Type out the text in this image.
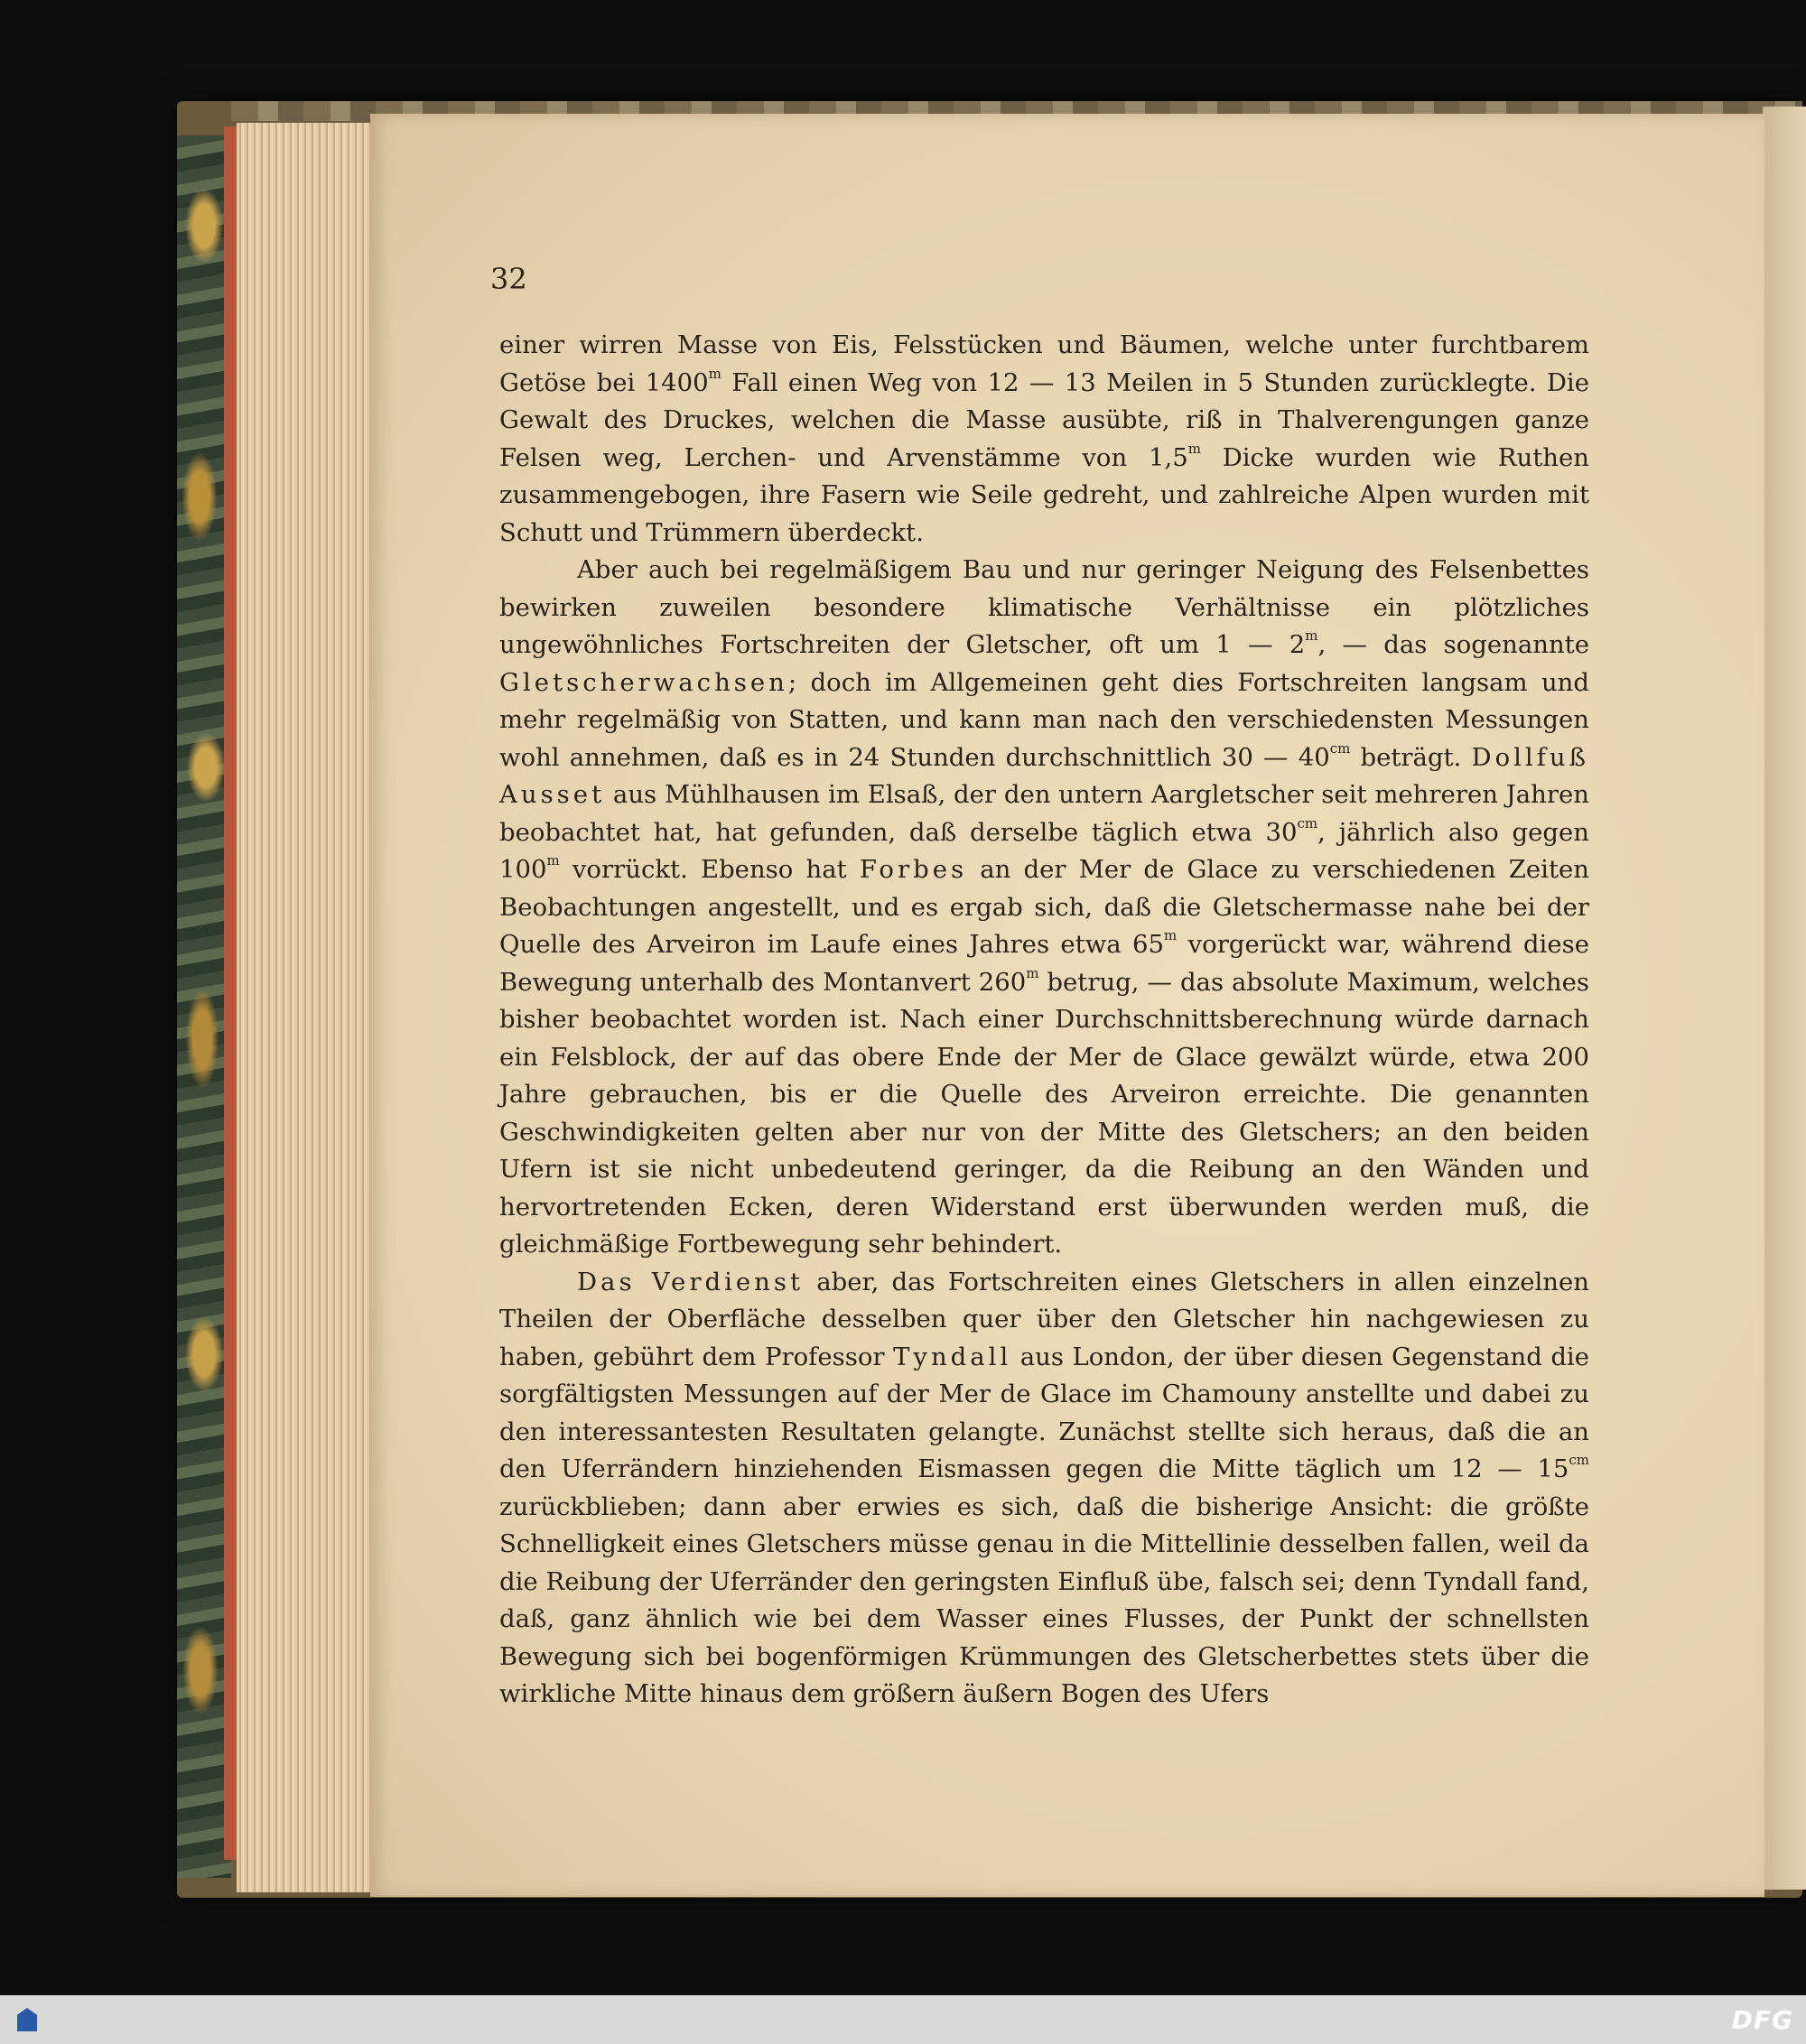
32

einer wirren Masse von Eis, Felsstücken und Bäumen, welche unter furchtbarem Getöse bei 1400$^m$ Fall einen Weg von 12 — 13 Meilen in 5 Stunden zurücklegte. Die Gewalt des Druckes, welchen die Masse ausübte, riß in Thalverengungen ganze Felsen weg, Lerchen- und Arvenstämme von 1,5$^m$ Dicke wurden wie Ruthen zusammengebogen, ihre Fasern wie Seile gedreht, und zahlreiche Alpen wurden mit Schutt und Trümmern überdeckt.

Aber auch bei regelmäßigem Bau und nur geringer Neigung des Felsenbettes bewirken zuweilen besondere klimatische Verhältnisse ein plötzliches ungewöhnliches Fortschreiten der Gletscher, oft um 1 — 2$^m$, — das sogenannte Gletscherwachsen; doch im Allgemeinen geht dies Fortschreiten langsam und mehr regelmäßig von Statten, und kann man nach den verschiedensten Messungen wohl annehmen, daß es in 24 Stunden durchschnittlich 30 — $40^{cm}$ beträgt. Dollfuß Ausset aus Mühlhausen im Elsaß, der den untern Aargletscher seit mehreren Jahren beobachtet hat, hat gefunden, daß derselbe täglich etwa $30^{cm}$, jährlich also gegen 100$^m$ vorrückt. Ebenso hat Forbes an der Mer de Glace zu verschiedenen Zeiten Beobachtungen angestellt, und es ergab sich, daß die Gletschermasse nahe bei der Quelle des Arveiron im Laufe eines Jahres etwa 65$^m$ vorgerückt war, während diese Bewegung unterhalb des Montanvert 260$^m$ betrug, — das absolute Maximum, welches bisher beobachtet worden ist. Nach einer Durchschnittsberechnung würde darnach ein Felsblock, der auf das obere Ende der Mer de Glace gewälzt würde, etwa 200 Jahre gebrauchen, bis er die Quelle des Arveiron erreichte. Die genannten Geschwindigkeiten gelten aber nur von der Mitte des Gletschers; an den beiden Ufern ist sie nicht unbedeutend geringer, da die Reibung an den Wänden und hervortretenden Ecken, deren Widerstand erst überwunden werden muß, die gleichmäßige Fortbewegung sehr behindert.

Das Verdienst aber, das Fortschreiten eines Gletschers in allen einzelnen Theilen der Oberfläche desselben quer über den Gletscher hin nachgewiesen zu haben, gebührt dem Professor Tyndall aus London, der über diesen Gegenstand die sorgfältigsten Messungen auf der Mer de Glace im Chamouny anstellte und dabei zu den interessantesten Resultaten gelangte. Zunächst stellte sich heraus, daß die an den Uferrändern hinziehenden Eismassen gegen die Mitte täglich um 12 — $15^{cm}$ zurückblieben; dann aber erwies es sich, daß die bisherige Ansicht: die größte Schnelligkeit eines Gletschers müsse genau in die Mittellinie desselben fallen, weil da die Reibung der Uferränder den geringsten Einfluß übe, falsch sei; denn Tyndall fand, daß, ganz ähnlich wie bei dem Wasser eines Flusses, der Punkt der schnellsten Bewegung sich bei bogenförmigen Krümmungen des Gletscherbettes stets über die wirkliche Mitte hinaus dem größern äußern Bogen des Ufers

DFG
